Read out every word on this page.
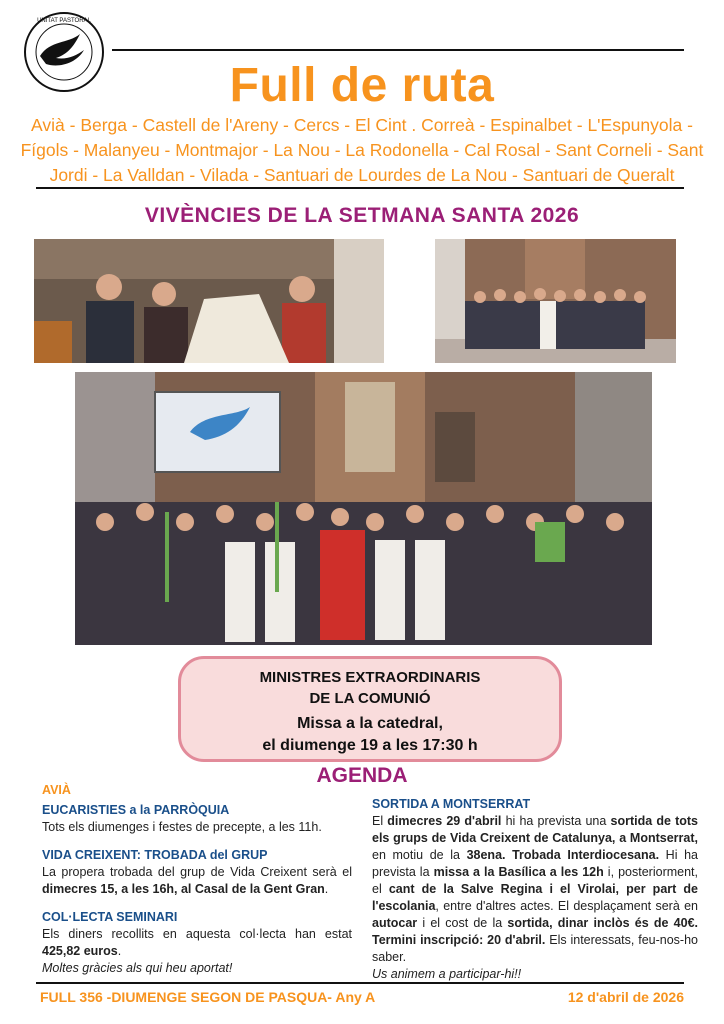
UNITAT PASTORAL
Full de ruta
Avià - Berga - Castell de l'Areny - Cercs - El Cint . Correà - Espinalbet - L'Espunyola - Fígols - Malanyeu - Montmajor - La Nou - La Rodonella - Cal Rosal - Sant Corneli - Sant Jordi - La Valldan - Vilada - Santuari de Lourdes de La Nou - Santuari de Queralt
VIVÈNCIES DE LA SETMANA SANTA 2026
MINISTRES EXTRAORDINARIS
DE LA COMUNIÓ
Missa a la catedral,
el diumenge 19 a les 17:30 h
AGENDA
AVIÀ
EUCARISTIES a la PARRÒQUIA
Tots els diumenges i festes de precepte, a les 11h.
VIDA CREIXENT: TROBADA del GRUP
La propera trobada del grup de Vida Creixent serà el dimecres 15, a les 16h, al Casal de la Gent Gran.
COL·LECTA SEMINARI
Els diners recollits en aquesta col·lecta han estat 425,82 euros.
Moltes gràcies als qui heu aportat!
SORTIDA A MONTSERRAT
El dimecres 29 d'abril hi ha prevista una sortida de tots els grups de Vida Creixent de Catalunya, a Montserrat, en motiu de la 38ena. Trobada Interdiocesana. Hi ha prevista la missa a la Basílica a les 12h i, posteriorment, el cant de la Salve Regina i el Virolai, per part de l'escolania, entre d'altres actes. El desplaçament serà en autocar i el cost de la sortida, dinar inclòs és de 40€. Termini inscripció: 20 d'abril. Els interessats, feu-nos-ho saber.
Us animem a participar-hi!!
FULL 356 -DIUMENGE SEGON DE PASQUA- Any A	12 d'abril de 2026
